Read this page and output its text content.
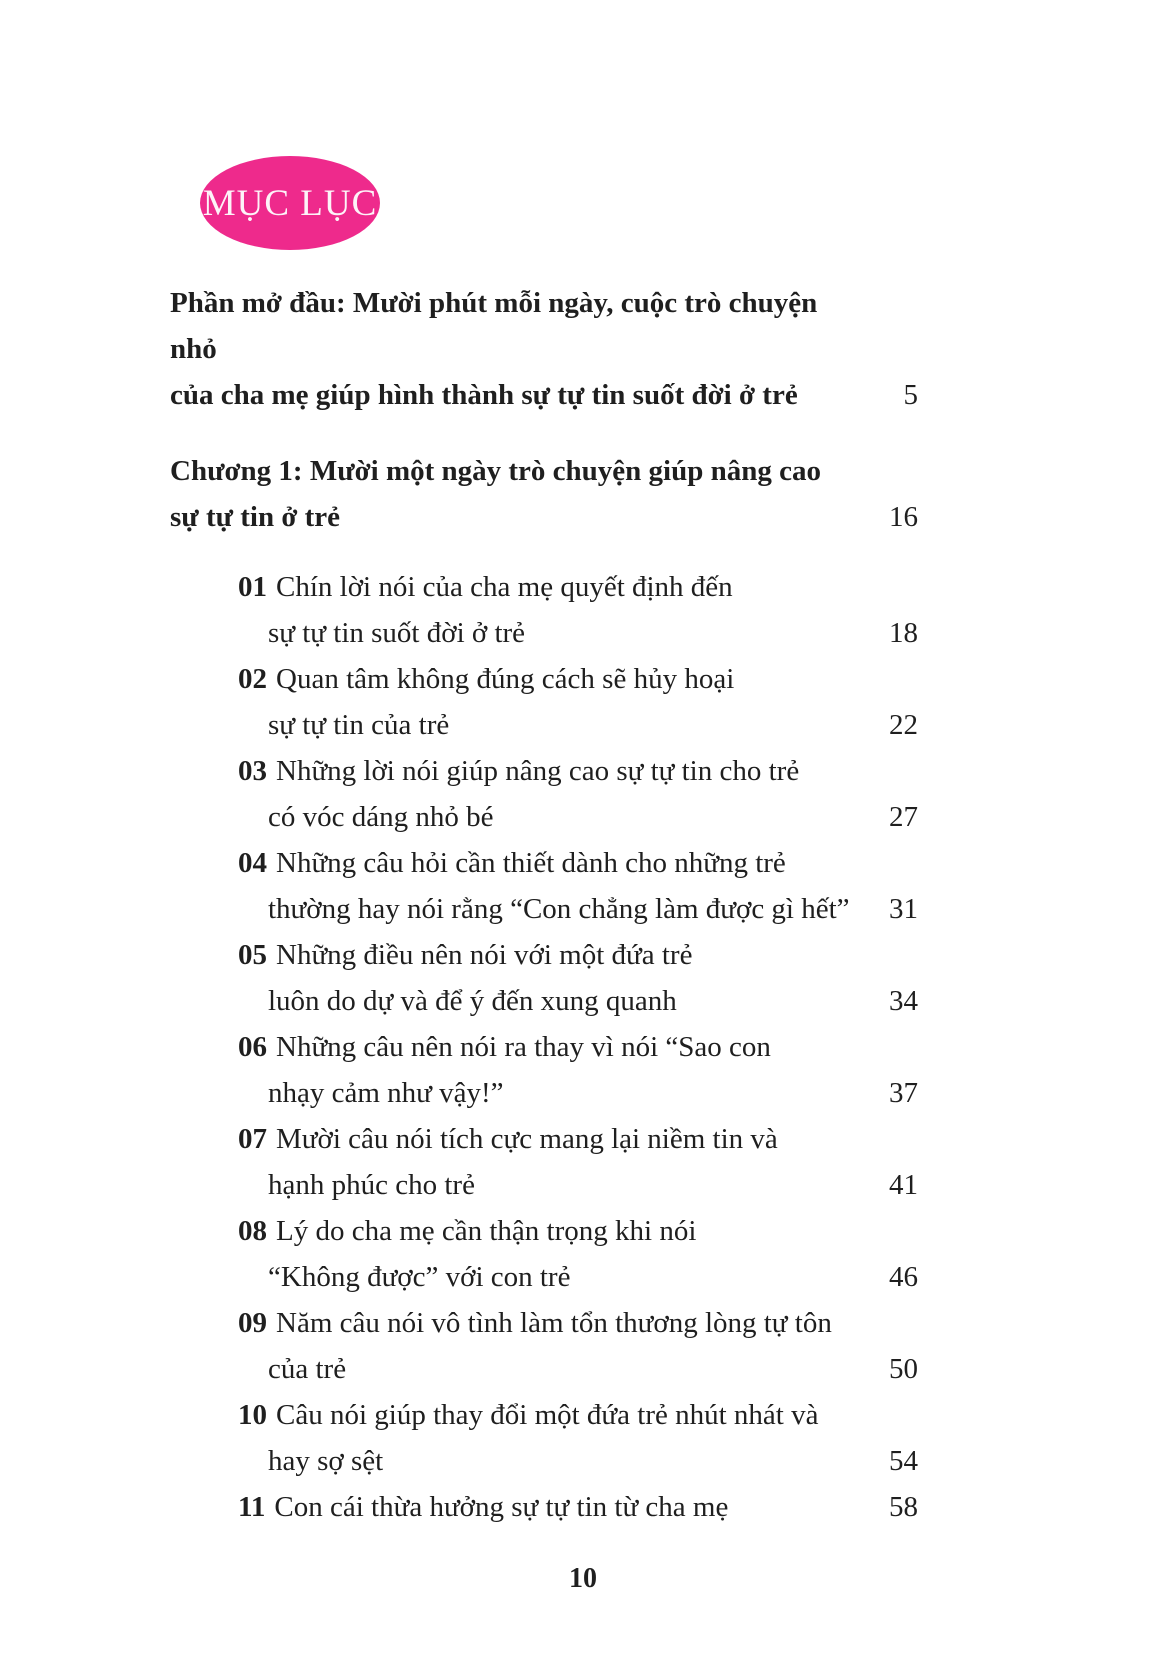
MỤC LỤC
Phần mở đầu: Mười phút mỗi ngày, cuộc trò chuyện nhỏ
của cha mẹ giúp hình thành sự tự tin suốt đời ở trẻ	5
Chương 1: Mười một ngày trò chuyện giúp nâng cao
sự tự tin ở trẻ	16
01 Chín lời nói của cha mẹ quyết định đến
sự tự tin suốt đời ở trẻ	18
02 Quan tâm không đúng cách sẽ hủy hoại
sự tự tin của trẻ	22
03 Những lời nói giúp nâng cao sự tự tin cho trẻ
có vóc dáng nhỏ bé	27
04 Những câu hỏi cần thiết dành cho những trẻ
thường hay nói rằng “Con chẳng làm được gì hết”	31
05 Những điều nên nói với một đứa trẻ
luôn do dự và để ý đến xung quanh	34
06 Những câu nên nói ra thay vì nói “Sao con
nhạy cảm như vậy!”	37
07 Mười câu nói tích cực mang lại niềm tin và
hạnh phúc cho trẻ	41
08 Lý do cha mẹ cần thận trọng khi nói
“Không được” với con trẻ	46
09 Năm câu nói vô tình làm tổn thương lòng tự tôn
của trẻ	50
10 Câu nói giúp thay đổi một đứa trẻ nhút nhát và
hay sợ sệt	54
11 Con cái thừa hưởng sự tự tin từ cha mẹ	58
10
